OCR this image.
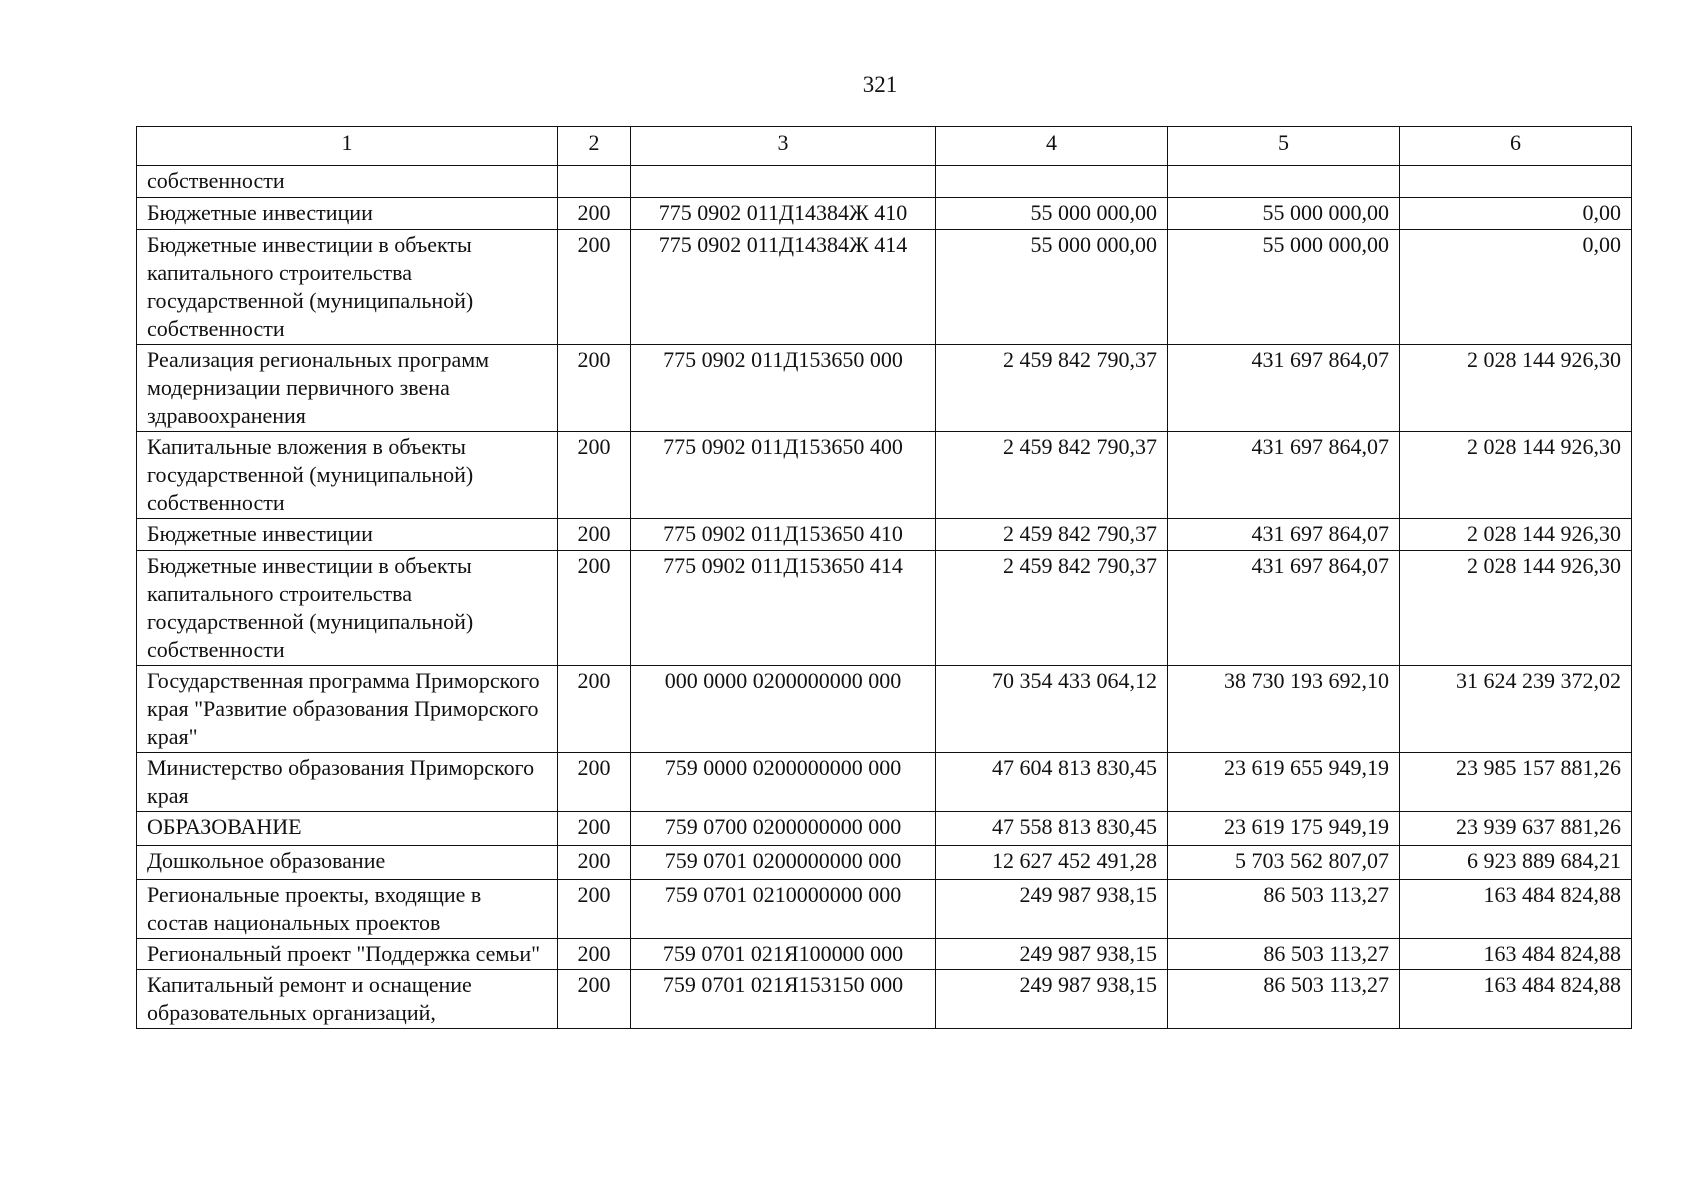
321
1	2	3	4	5	6
собственности					
Бюджетные инвестиции	200	775 0902 011Д14384Ж 410	55 000 000,00	55 000 000,00	0,00
Бюджетные инвестиции в объекты капитального строительства государственной (муниципальной) собственности	200	775 0902 011Д14384Ж 414	55 000 000,00	55 000 000,00	0,00
Реализация региональных программ модернизации первичного звена здравоохранения	200	775 0902 011Д153650 000	2 459 842 790,37	431 697 864,07	2 028 144 926,30
Капитальные вложения в объекты государственной (муниципальной) собственности	200	775 0902 011Д153650 400	2 459 842 790,37	431 697 864,07	2 028 144 926,30
Бюджетные инвестиции	200	775 0902 011Д153650 410	2 459 842 790,37	431 697 864,07	2 028 144 926,30
Бюджетные инвестиции в объекты капитального строительства государственной (муниципальной) собственности	200	775 0902 011Д153650 414	2 459 842 790,37	431 697 864,07	2 028 144 926,30
Государственная программа Приморского края "Развитие образования Приморского края"	200	000 0000 0200000000 000	70 354 433 064,12	38 730 193 692,10	31 624 239 372,02
Министерство образования Приморского края	200	759 0000 0200000000 000	47 604 813 830,45	23 619 655 949,19	23 985 157 881,26
ОБРАЗОВАНИЕ	200	759 0700 0200000000 000	47 558 813 830,45	23 619 175 949,19	23 939 637 881,26
Дошкольное образование	200	759 0701 0200000000 000	12 627 452 491,28	5 703 562 807,07	6 923 889 684,21
Региональные проекты, входящие в состав национальных проектов	200	759 0701 0210000000 000	249 987 938,15	86 503 113,27	163 484 824,88
Региональный проект "Поддержка семьи"	200	759 0701 021Я100000 000	249 987 938,15	86 503 113,27	163 484 824,88
Капитальный ремонт и оснащение образовательных организаций,	200	759 0701 021Я153150 000	249 987 938,15	86 503 113,27	163 484 824,88
